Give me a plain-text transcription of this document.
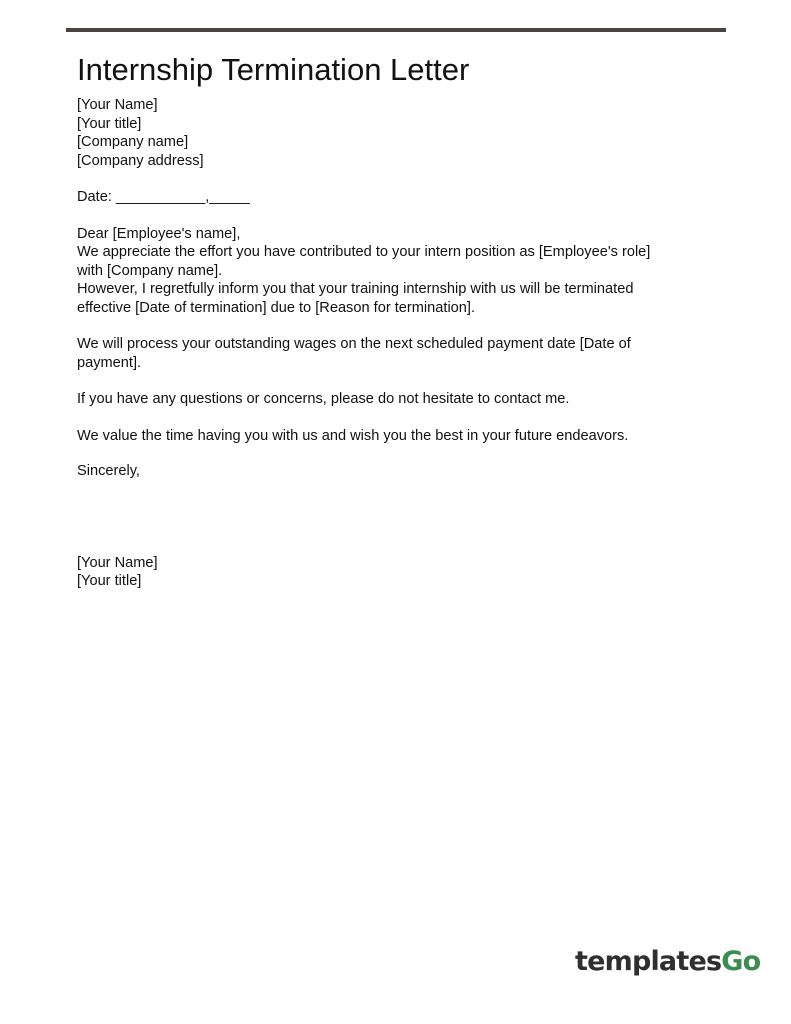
Internship Termination Letter

[Your Name]

[Your title]

[Company name]

[Company address]

Date: ___________,_____

Dear [Employee's name],

We appreciate the effort you have contributed to your intern position as [Employee's role]

with [Company name].

However, I regretfully inform you that your training internship with us will be terminated

effective [Date of termination] due to [Reason for termination].

We will process your outstanding wages on the next scheduled payment date [Date of

payment].

If you have any questions or concerns, please do not hesitate to contact me.

We value the time having you with us and wish you the best in your future endeavors.

Sincerely,

[Your Name]

[Your title]

templatesGo
